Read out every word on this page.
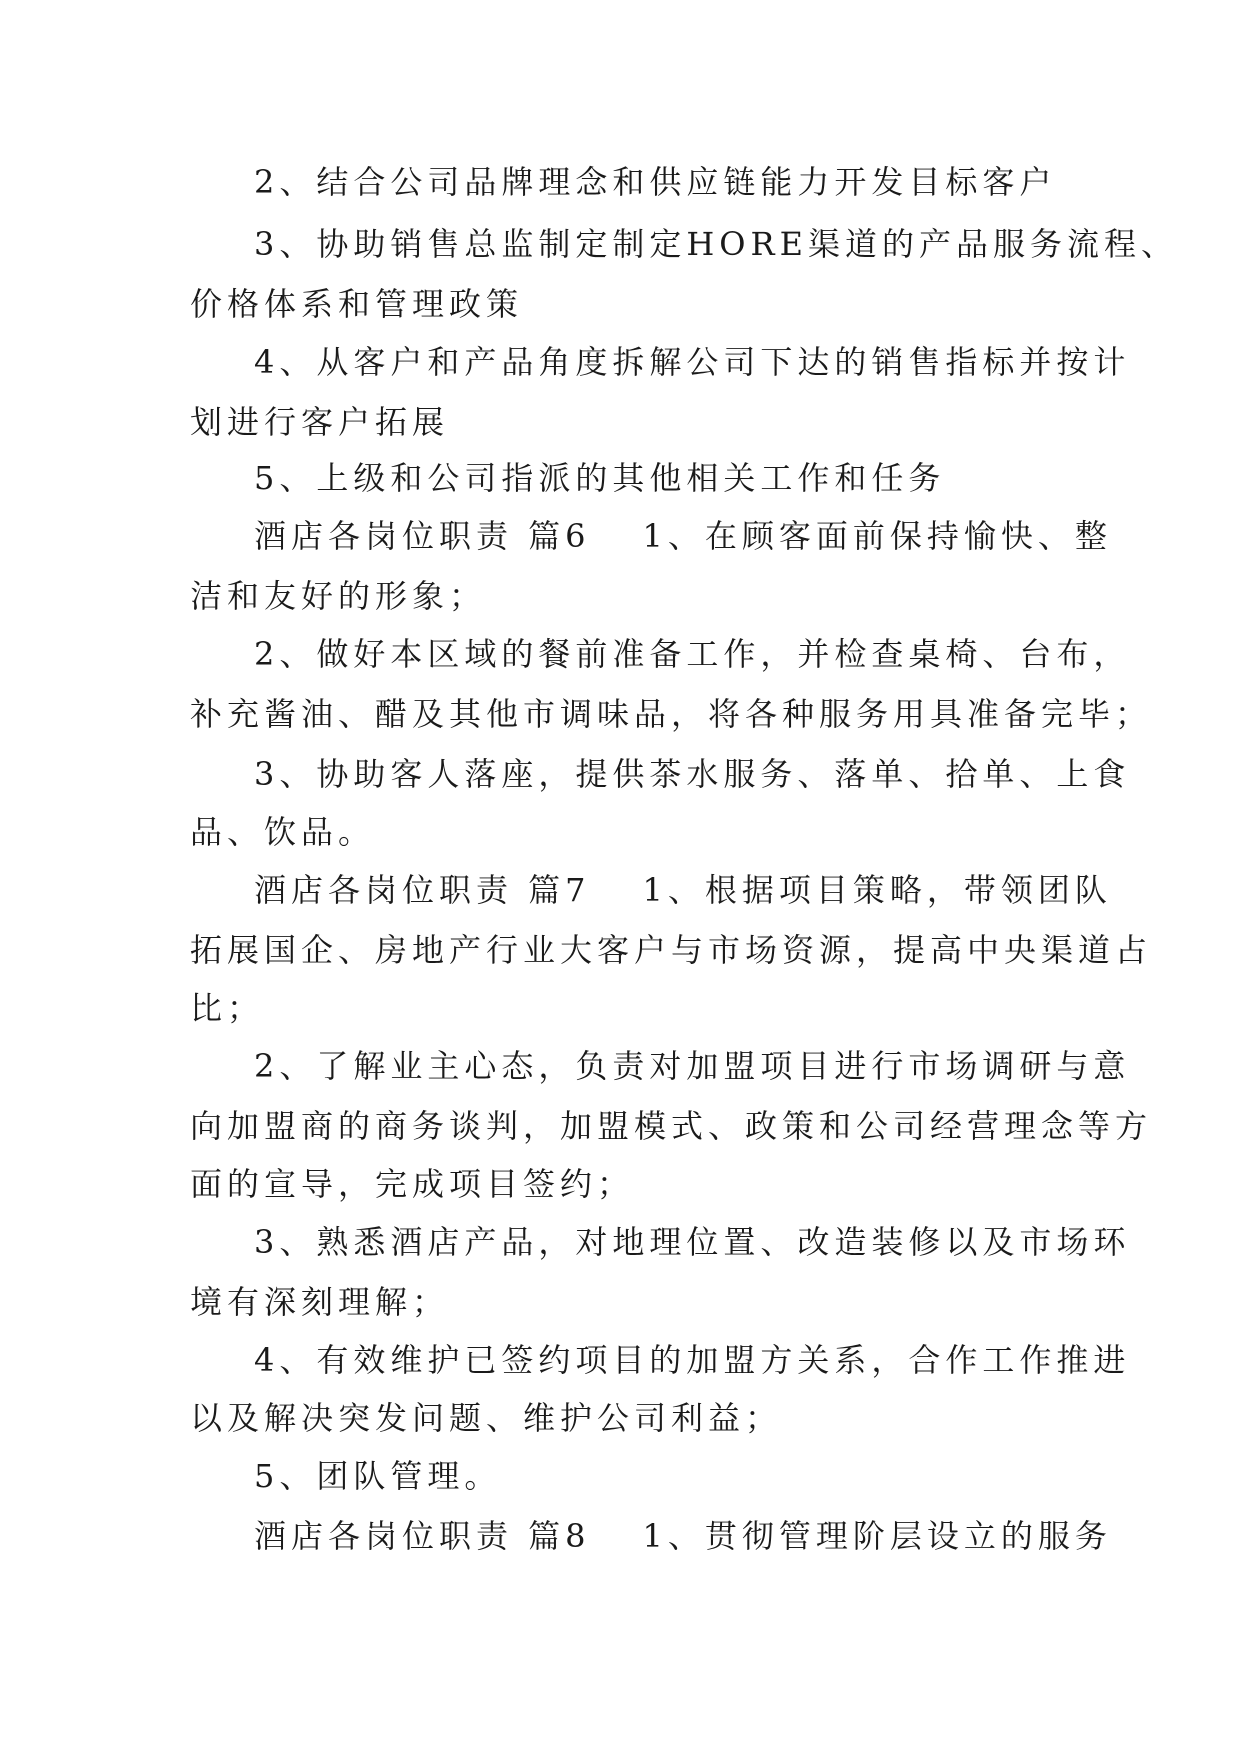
2、结合公司品牌理念和供应链能力开发目标客户
3、协助销售总监制定制定HORE渠道的产品服务流程、
价格体系和管理政策
4、从客户和产品角度拆解公司下达的销售指标并按计
划进行客户拓展
5、上级和公司指派的其他相关工作和任务
酒店各岗位职责 篇6 1、在顾客面前保持愉快、整
洁和友好的形象；
2、做好本区域的餐前准备工作，并检查桌椅、台布，
补充酱油、醋及其他市调味品，将各种服务用具准备完毕；
3、协助客人落座，提供茶水服务、落单、拾单、上食
品、饮品。
酒店各岗位职责 篇7 1、根据项目策略，带领团队
拓展国企、房地产行业大客户与市场资源，提高中央渠道占
比；
2、了解业主心态，负责对加盟项目进行市场调研与意
向加盟商的商务谈判，加盟模式、政策和公司经营理念等方
面的宣导，完成项目签约；
3、熟悉酒店产品，对地理位置、改造装修以及市场环
境有深刻理解；
4、有效维护已签约项目的加盟方关系，合作工作推进
以及解决突发问题、维护公司利益；
5、团队管理。
酒店各岗位职责 篇8 1、贯彻管理阶层设立的服务
